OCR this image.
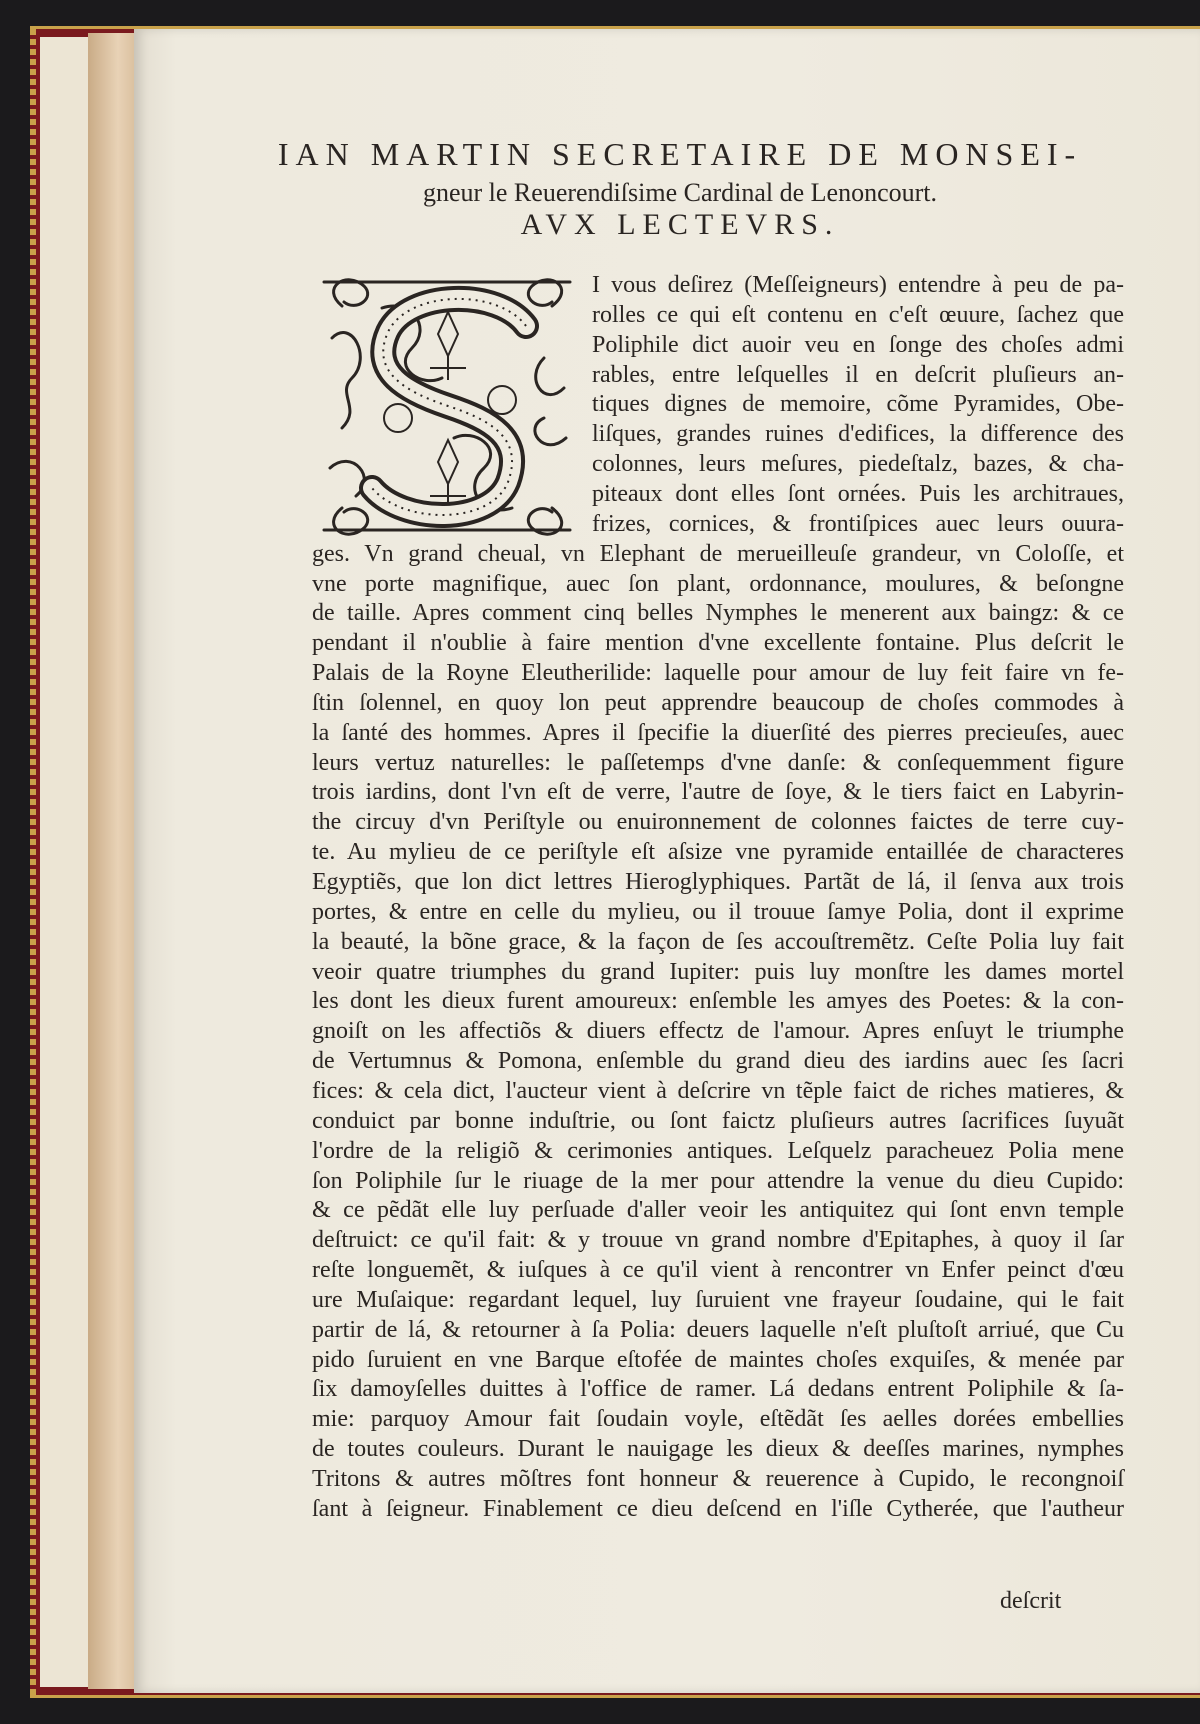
IAN MARTIN SECRETAIRE DE MONSEI-
gneur le Reuerendiſsime Cardinal de Lenoncourt.
AVX LECTEVRS.

I vous deſirez (Meſſeigneurs) entendre à peu de pa-

rolles ce qui eſt contenu en c'eſt œuure, ſachez que

Poliphile dict auoir veu en ſonge des choſes admi

rables, entre leſquelles il en deſcrit pluſieurs an-

tiques dignes de memoire, cõme Pyramides, Obe-

liſques, grandes ruines d'edifices, la difference des

colonnes, leurs meſures, piedeſtalz, bazes, & cha-

piteaux dont elles ſont ornées. Puis les architraues,

frizes, cornices, & frontiſpices auec leurs ouura-

ges. Vn grand cheual, vn Elephant de merueilleuſe grandeur, vn Coloſſe, et

vne porte magnifique, auec ſon plant, ordonnance, moulures, & beſongne

de taille. Apres comment cinq belles Nymphes le menerent aux baingz: & ce

pendant il n'oublie à faire mention d'vne excellente fontaine. Plus deſcrit le

Palais de la Royne Eleutherilide: laquelle pour amour de luy feit faire vn fe-

ſtin ſolennel, en quoy lon peut apprendre beaucoup de choſes commodes à

la ſanté des hommes. Apres il ſpecifie la diuerſité des pierres precieuſes, auec

leurs vertuz naturelles: le paſſetemps d'vne danſe: & conſequemment figure

trois iardins, dont l'vn eſt de verre, l'autre de ſoye, & le tiers faict en Labyrin-

the circuy d'vn Periſtyle ou enuironnement de colonnes faictes de terre cuy-

te. Au mylieu de ce periſtyle eſt aſsize vne pyramide entaillée de characteres

Egyptiẽs, que lon dict lettres Hieroglyphiques. Partãt de lá, il ſenva aux trois

portes, & entre en celle du mylieu, ou il trouue ſamye Polia, dont il exprime

la beauté, la bõne grace, & la façon de ſes accouſtremẽtz. Ceſte Polia luy fait

veoir quatre triumphes du grand Iupiter: puis luy monſtre les dames mortel

les dont les dieux furent amoureux: enſemble les amyes des Poetes: & la con-

gnoiſt on les affectiõs & diuers effectz de l'amour. Apres enſuyt le triumphe

de Vertumnus & Pomona, enſemble du grand dieu des iardins auec ſes ſacri

fices: & cela dict, l'aucteur vient à deſcrire vn tẽple faict de riches matieres, &

conduict par bonne induſtrie, ou ſont faictz pluſieurs autres ſacrifices ſuyuãt

l'ordre de la religiõ & cerimonies antiques. Leſquelz paracheuez Polia mene

ſon Poliphile ſur le riuage de la mer pour attendre la venue du dieu Cupido:

& ce pẽdãt elle luy perſuade d'aller veoir les antiquitez qui ſont envn temple

deſtruict: ce qu'il fait: & y trouue vn grand nombre d'Epitaphes, à quoy il ſar

reſte longuemẽt, & iuſques à ce qu'il vient à rencontrer vn Enfer peinct d'œu

ure Muſaique: regardant lequel, luy ſuruient vne frayeur ſoudaine, qui le fait

partir de lá, & retourner à ſa Polia: deuers laquelle n'eſt pluſtoſt arriué, que Cu

pido ſuruient en vne Barque eſtofée de maintes choſes exquiſes, & menée par

ſix damoyſelles duittes à l'office de ramer. Lá dedans entrent Poliphile & ſa-

mie: parquoy Amour fait ſoudain voyle, eſtẽdãt ſes aelles dorées embellies

de toutes couleurs. Durant le nauigage les dieux & deeſſes marines, nymphes

Tritons & autres mõſtres font honneur & reuerence à Cupido, le recongnoiſ

ſant à ſeigneur. Finablement ce dieu deſcend en l'iſle Cytherée, que l'autheur

deſcrit
